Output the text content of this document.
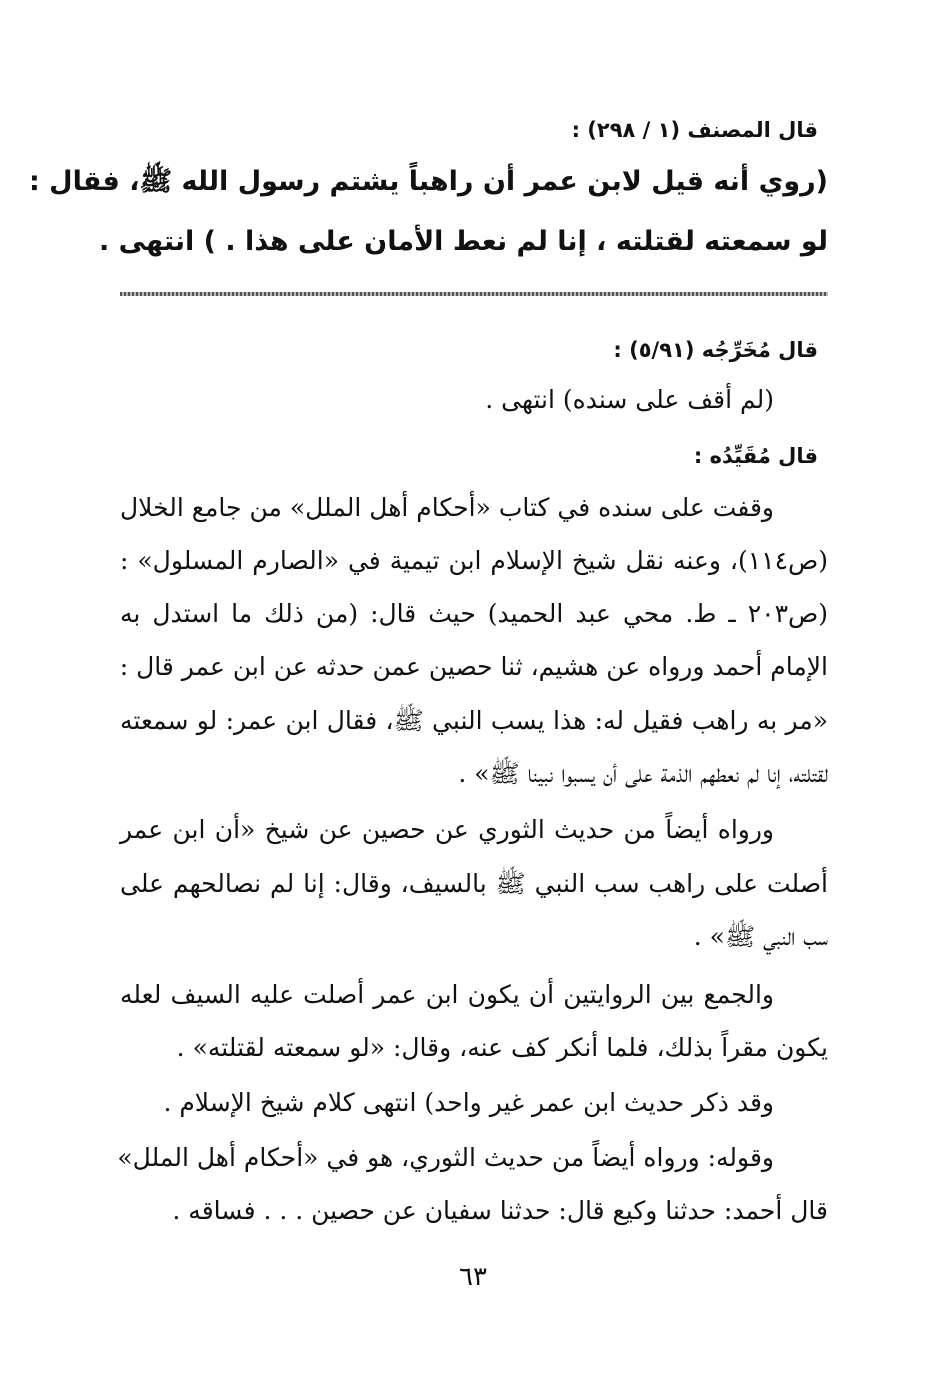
قال المصنف (١ / ٢٩٨) :
(روي أنه قيل لابن عمر أن راهباً يشتم رسول الله ﷺ، فقال :
لو سمعته لقتلته ، إنا لم نعط الأمان على هذا . ) انتهى .
قال مُخَرِّجُه (٥/٩١) :
(لم أقف على سنده) انتهى .
قال مُقَيِّدُه :
وقفت على سنده في كتاب «أحكام أهل الملل» من جامع الخلال
(ص١١٤)، وعنه نقل شيخ الإسلام ابن تيمية في «الصارم المسلول» :
(ص٢٠٣ ـ ط. محي عبد الحميد) حيث قال: (من ذلك ما استدل به
الإمام أحمد ورواه عن هشيم، ثنا حصين عمن حدثه عن ابن عمر قال :
«مر به راهب فقيل له: هذا يسب النبي ﷺ، فقال ابن عمر: لو سمعته
لقتلته، إنا لم نعطهم الذمة على أن يسبوا نبينا ﷺ» .
ورواه أيضاً من حديث الثوري عن حصين عن شيخ «أن ابن عمر
أصلت على راهب سب النبي ﷺ بالسيف، وقال: إنا لم نصالحهم على
سب النبي ﷺ» .
والجمع بين الروايتين أن يكون ابن عمر أصلت عليه السيف لعله
يكون مقراً بذلك، فلما أنكر كف عنه، وقال: «لو سمعته لقتلته» .
وقد ذكر حديث ابن عمر غير واحد) انتهى كلام شيخ الإسلام .
وقوله: ورواه أيضاً من حديث الثوري، هو في «أحكام أهل الملل»
قال أحمد: حدثنا وكيع قال: حدثنا سفيان عن حصين . . . فساقه .
٦٣
